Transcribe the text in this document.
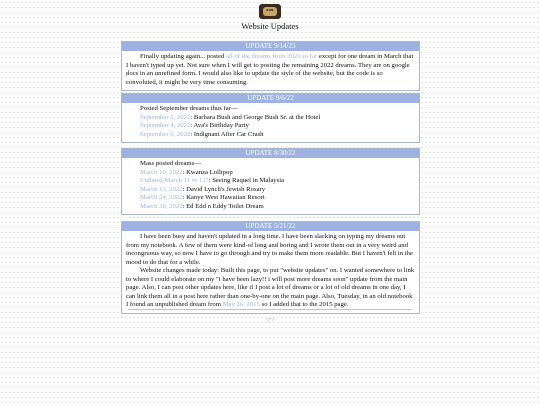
RAN
Website Updates
UPDATE 9/14/23

Finally updating again... posted all of the dreams from 2023 so far except for one dream in March that I haven't typed up yet. Not sure when I will get to posting the remaining 2022 dreams. They are on google docs in an unrefined form. I would also like to update the style of the website, but the code is so convoluted, it might be very time consuming.

UPDATE 9/6/22

Posted September dreams thus far—

September 3, 2022: Barbara Bush and George Bush Sr. at the Hotel
September 4, 2022: Ava's Birthday Party
September 6, 2022: Indignant After Car Crash
UPDATE 8/30/22

Mass posted dreams—

March 10, 2022: Kwanza Lollipop
Undated/March 11 or 12?: Seeing Raquel in Malaysia
March 13, 2022: David Lynch's Jewish Rosary
March 24, 2022: Kanye West Hawaiian Resort
March 30, 2022: Ed Edd n Eddy Toilet Dream
UPDATE 5/21/22

I have been busy and haven't updated in a long time. I have been slacking on typing my dreams out from my notebook. A few of them were kind-of long and boring and I wrote them out in a very weird and incongruous way, so now I have to go through and try to make them more readable. But I haven't felt in the mood to do that for a while.

Website changes made today: Built this page, to put "website updates" on. I wanted somewhere to link to where I could elaborate on my "i have been lazy!! i will post more dreams soon" update from the main page. Also, I can post other updates here, like if I post a lot of dreams or a lot of old dreams in one day, I can link them all in a post here rather than one-by-one on the main page. Also, Tuesday, in an old notebook I found an unpublished dream from May 26, 2015 so I added that to the 2015 page.

???
